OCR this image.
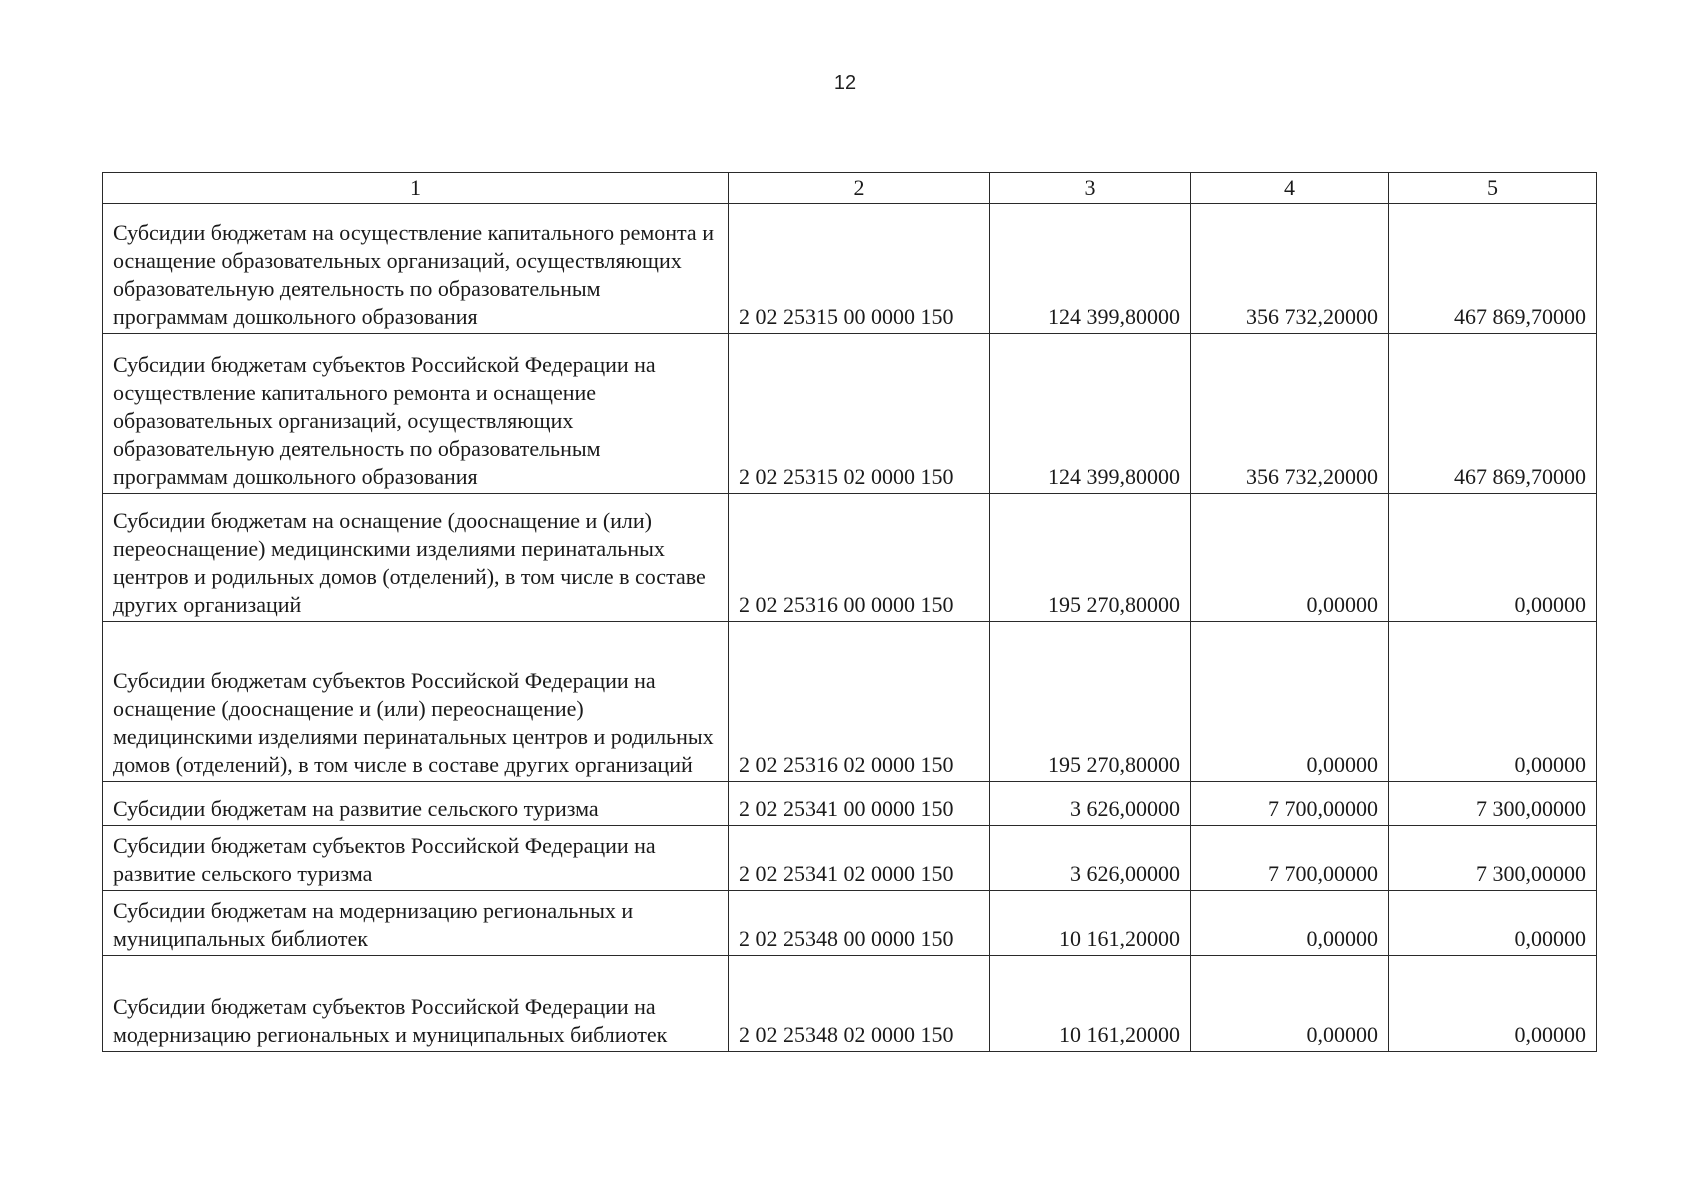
12
1	2	3	4	5
Субсидии бюджетам на осуществление капитального ремонта и оснащение образовательных организаций, осуществляющих образовательную деятельность по образовательным программам дошкольного образования	2 02 25315 00 0000 150	124 399,80000	356 732,20000	467 869,70000
Субсидии бюджетам субъектов Российской Федерации на осуществление капитального ремонта и оснащение образовательных организаций, осуществляющих образовательную деятельность по образовательным программам дошкольного образования	2 02 25315 02 0000 150	124 399,80000	356 732,20000	467 869,70000
Субсидии бюджетам на оснащение (дооснащение и (или) переоснащение) медицинскими изделиями перинатальных центров и родильных домов (отделений), в том числе в составе других организаций	2 02 25316 00 0000 150	195 270,80000	0,00000	0,00000
Субсидии бюджетам субъектов Российской Федерации на оснащение (дооснащение и (или) переоснащение) медицинскими изделиями перинатальных центров и родильных домов (отделений), в том числе в составе других организаций	2 02 25316 02 0000 150	195 270,80000	0,00000	0,00000
Субсидии бюджетам на развитие сельского туризма	2 02 25341 00 0000 150	3 626,00000	7 700,00000	7 300,00000
Субсидии бюджетам субъектов Российской Федерации на развитие сельского туризма	2 02 25341 02 0000 150	3 626,00000	7 700,00000	7 300,00000
Субсидии бюджетам на модернизацию региональных и муниципальных библиотек	2 02 25348 00 0000 150	10 161,20000	0,00000	0,00000
Субсидии бюджетам субъектов Российской Федерации на модернизацию региональных и муниципальных библиотек	2 02 25348 02 0000 150	10 161,20000	0,00000	0,00000
